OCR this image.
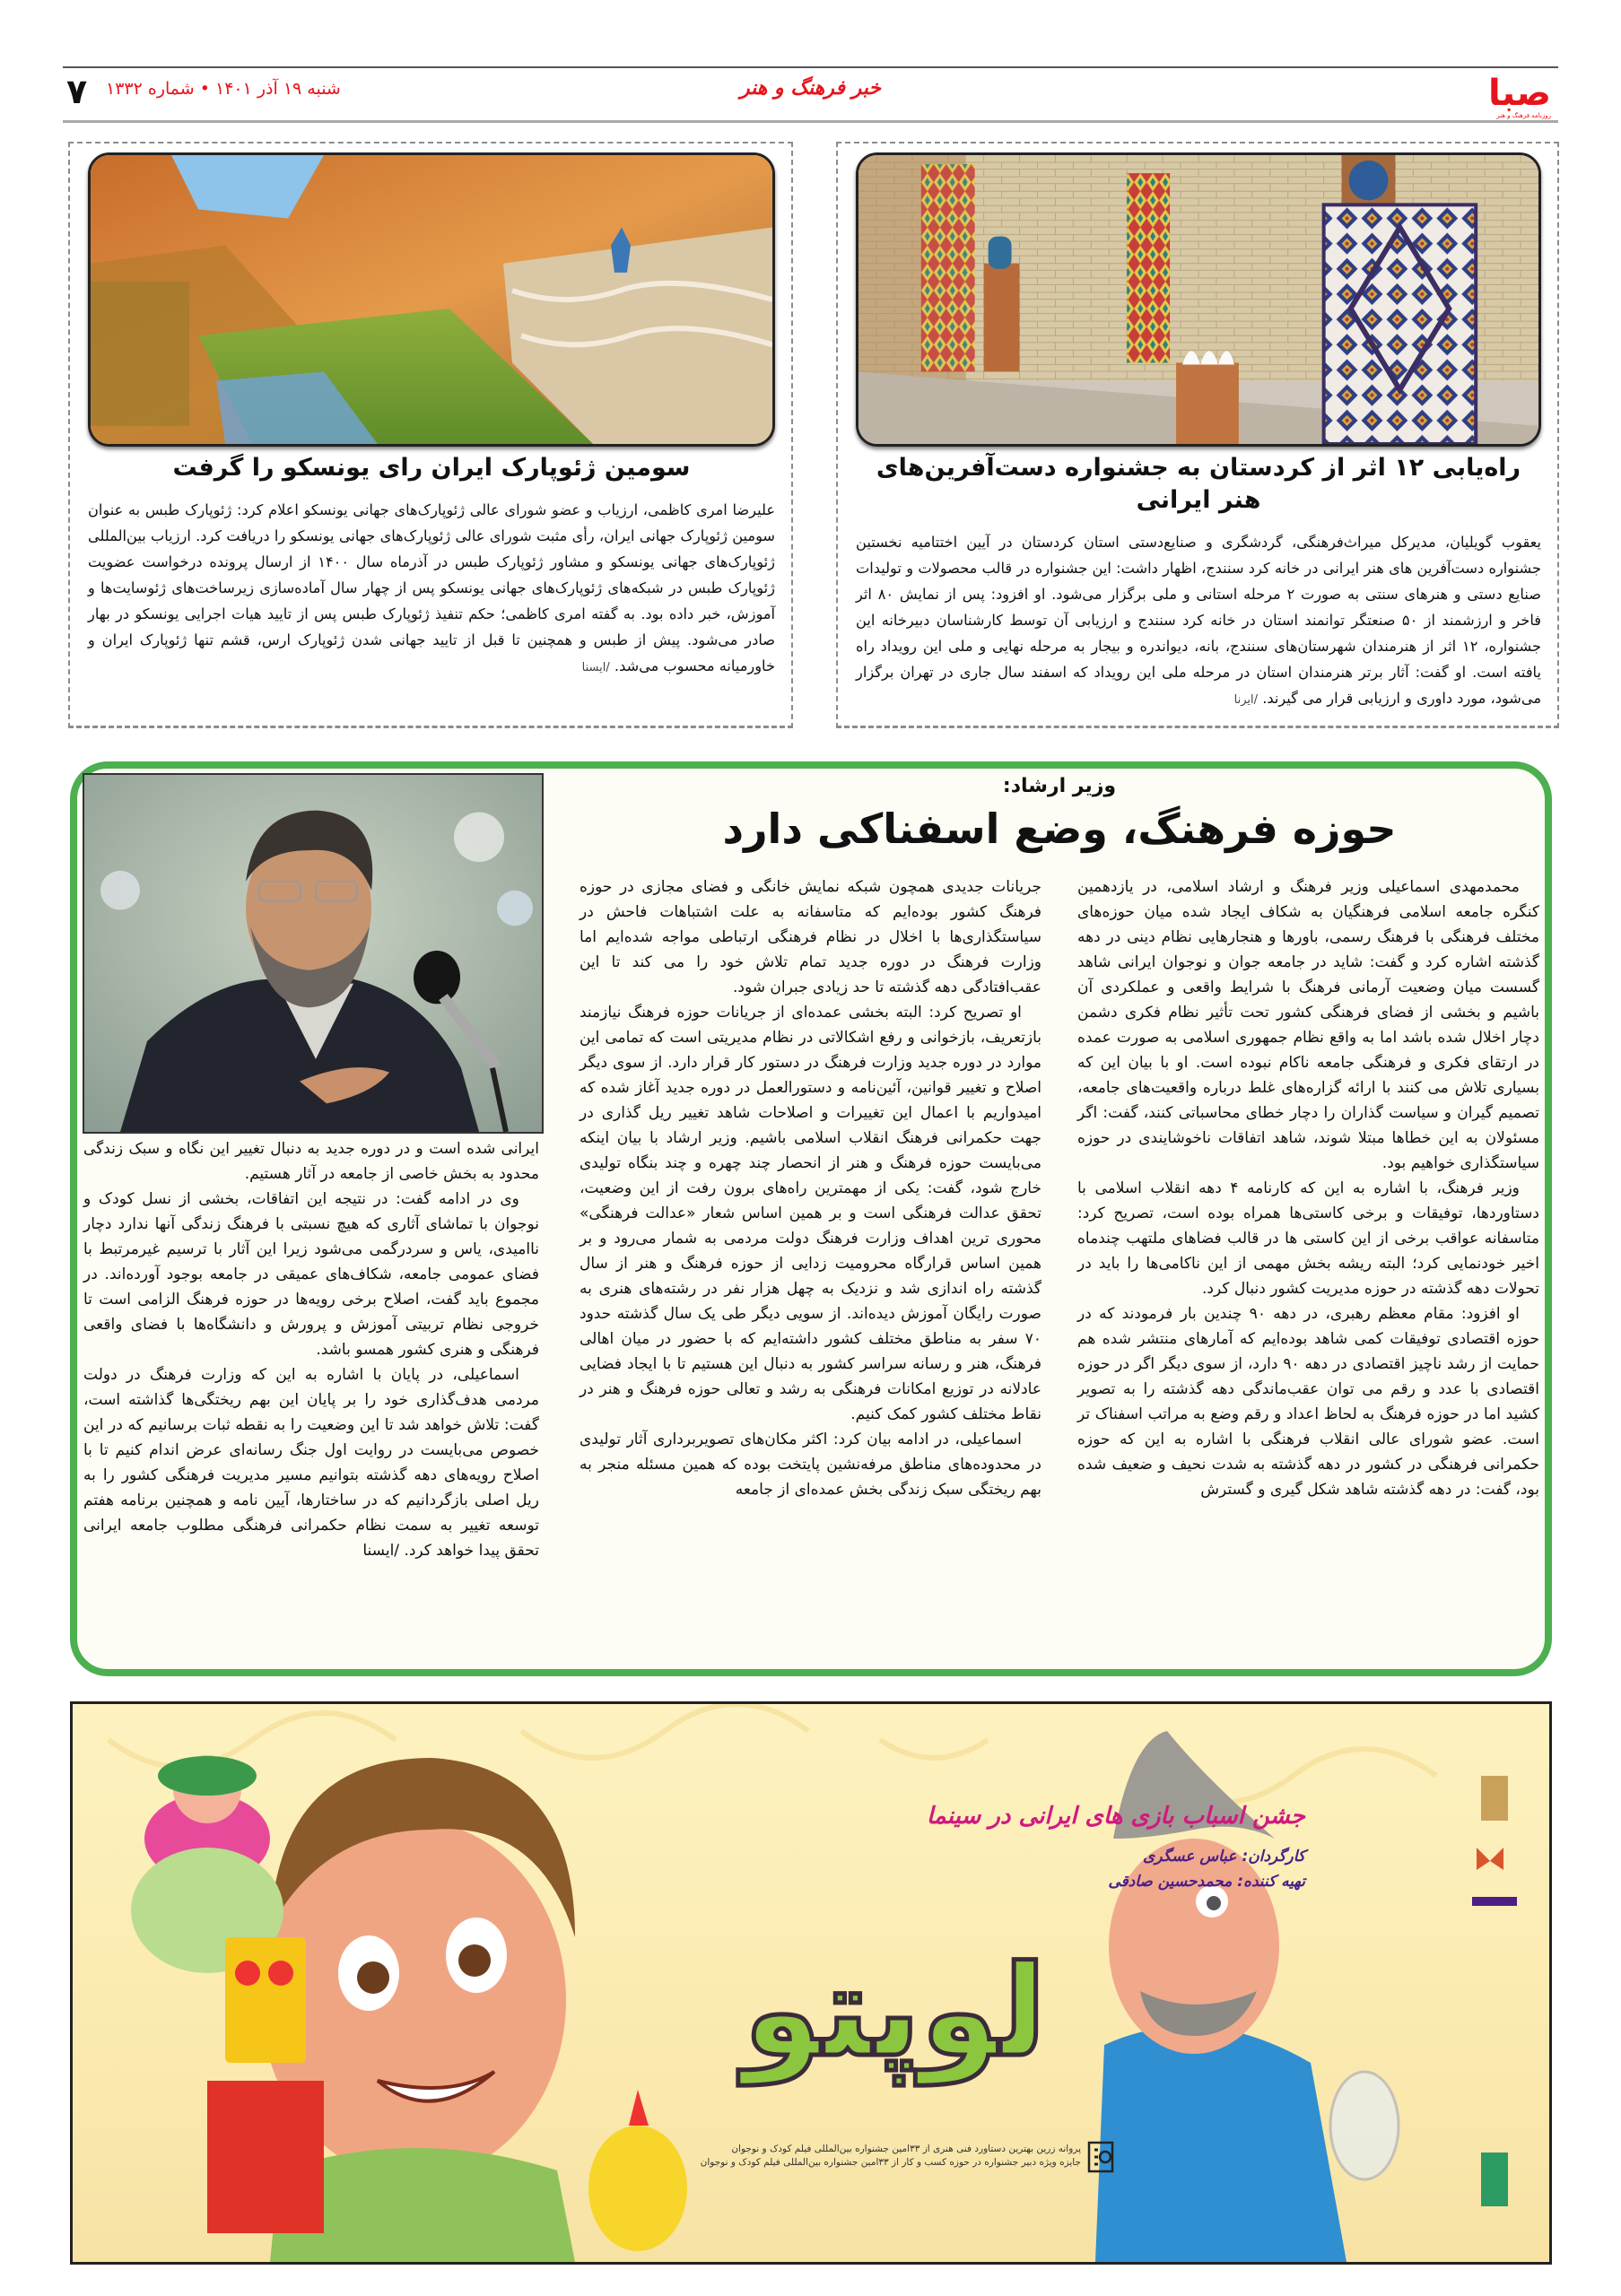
صبا
روزنامه فرهنگ و هنر
خبر فرهنگ و هنر
شنبه ۱۹ آذر ۱۴۰۱ • شماره ۱۳۳۲
۷
راه‌یابی ۱۲ اثر از کردستان به جشنواره دست‌آفرین‌های هنر ایرانی

یعقوب گویلیان، مدیرکل میراث‌فرهنگی، گردشگری و صنایع‌دستی استان کردستان در آیین اختتامیه نخستین جشنواره دست‌آفرین های هنر ایرانی در خانه کرد سنندج، اظهار داشت: این جشنواره در قالب محصولات و تولیدات صنایع دستی و هنرهای سنتی به صورت ۲ مرحله استانی و ملی برگزار می‌شود. او افزود: پس از نمایش ۸۰ اثر فاخر و ارزشمند از ۵۰ صنعتگر توانمند استان در خانه کرد سنندج و ارزیابی آن توسط کارشناسان دبیرخانه این جشنواره، ۱۲ اثر از هنرمندان شهرستان‌های سنندج، بانه، دیواندره و بیجار به مرحله نهایی و ملی این رویداد راه یافته است. او گفت: آثار برتر هنرمندان استان در مرحله ملی این رویداد که اسفند سال جاری در تهران برگزار می‌شود، مورد داوری و ارزیابی قرار می گیرند. /ایرنا

سومین ژئوپارک ایران رای یونسکو را گرفت

علیرضا امری کاظمی، ارزیاب و عضو شورای عالی ژئوپارک‌های جهانی یونسکو اعلام کرد: ژئوپارک طبس به عنوان سومین ژئوپارک جهانی ایران، رأی مثبت شورای عالی ژئوپارک‌های جهانی یونسکو را دریافت کرد. ارزیاب بین‌المللی ژئوپارک‌های جهانی یونسکو و مشاور ژئوپارک طبس در آذرماه سال ۱۴۰۰ از ارسال پرونده درخواست عضویت ژئوپارک طبس در شبکه‌های ژئوپارک‌های جهانی یونسکو پس از چهار سال آماده‌سازی زیرساخت‌های ژئوسایت‌ها و آموزش، خبر داده بود. به گفته امری کاظمی؛ حکم تنفیذ ژئوپارک طبس پس از تایید هیات اجرایی یونسکو در بهار صادر می‌شود. پیش از طبس و همچنین تا قبل از تایید جهانی شدن ژئوپارک ارس، قشم تنها ژئوپارک ایران و خاورمیانه محسوب می‌شد. /ایسنا

ایرانی شده است و در دوره جدید به دنبال تغییر این نگاه و سبک زندگی محدود به بخش خاصی از جامعه در آثار هستیم.

وی در ادامه گفت: در نتیجه این اتفاقات، بخشی از نسل کودک و نوجوان با تماشای آثاری که هیچ نسبتی با فرهنگ زندگی آنها ندارد دچار ناامیدی، یاس و سردرگمی می‌شود زیرا این آثار با ترسیم غیرمرتبط با فضای عمومی جامعه، شکاف‌های عمیقی در جامعه بوجود آورده‌اند. در مجموع باید گفت، اصلاح برخی رویه‌ها در حوزه فرهنگ الزامی است تا خروجی نظام تربیتی آموزش و پرورش و دانشگاه‌ها با فضای واقعی فرهنگی و هنری کشور همسو باشد.

اسماعیلی، در پایان با اشاره به این که وزارت فرهنگ در دولت مردمی هدف‌گذاری خود را بر پایان این بهم ریختگی‌ها گذاشته است، گفت: تلاش خواهد شد تا این وضعیت را به نقطه ثبات برسانیم که در این خصوص می‌بایست در روایت اول جنگ رسانه‌ای عرض اندام کنیم تا با اصلاح رویه‌های دهه گذشته بتوانیم مسیر مدیریت فرهنگی کشور را به ریل اصلی بازگردانیم که در ساختارها، آیین نامه و همچنین برنامه هفتم توسعه تغییر به سمت نظام حکمرانی فرهنگی مطلوب جامعه ایرانی تحقق پیدا خواهد کرد. /ایسنا

وزیر ارشاد:
حوزه فرهنگ، وضع اسفناکی دارد

جریانات جدیدی همچون شبکه نمایش خانگی و فضای مجازی در حوزه فرهنگ کشور بوده‌ایم که متاسفانه به علت اشتباهات فاحش در سیاستگذاری‌ها با اخلال در نظام فرهنگی ارتباطی مواجه شده‌ایم اما وزارت فرهنگ در دوره جدید تمام تلاش خود را می کند تا این عقب‌افتادگی دهه گذشته تا حد زیادی جبران شود.

او تصریح کرد: البته بخشی عمده‌ای از جریانات حوزه فرهنگ نیازمند بازتعریف، بازخوانی و رفع اشکالاتی در نظام مدیریتی است که تمامی این موارد در دوره جدید وزارت فرهنگ در دستور کار قرار دارد. از سوی دیگر اصلاح و تغییر قوانین، آئین‌نامه و دستورالعمل در دوره جدید آغاز شده که امیدواریم با اعمال این تغییرات و اصلاحات شاهد تغییر ریل گذاری در جهت حکمرانی فرهنگ انقلاب اسلامی باشیم. وزیر ارشاد با بیان اینکه می‌بایست حوزه فرهنگ و هنر از انحصار چند چهره و چند بنگاه تولیدی خارج شود، گفت: یکی از مهمترین راه‌های برون رفت از این وضعیت، تحقق عدالت فرهنگی است و بر همین اساس شعار «عدالت فرهنگی» محوری ترین اهداف وزارت فرهنگ دولت مردمی به شمار می‌رود و بر همین اساس قرارگاه محرومیت زدایی از حوزه فرهنگ و هنر از سال گذشته راه اندازی شد و نزدیک به چهل هزار نفر در رشته‌های هنری به صورت رایگان آموزش دیده‌اند. از سویی دیگر طی یک سال گذشته حدود ۷۰ سفر به مناطق مختلف کشور داشته‌ایم که با حضور در میان اهالی فرهنگ، هنر و رسانه سراسر کشور به دنبال این هستیم تا با ایجاد فضایی عادلانه در توزیع امکانات فرهنگی به رشد و تعالی حوزه فرهنگ و هنر در نقاط مختلف کشور کمک کنیم.

اسماعیلی، در ادامه بیان کرد: اکثر مکان‌های تصویربرداری آثار تولیدی در محدوده‌های مناطق مرفه‌نشین پایتخت بوده که همین مسئله منجر به بهم ریختگی سبک زندگی بخش عمده‌ای از جامعه

محمدمهدی اسماعیلی وزیر فرهنگ و ارشاد اسلامی، در یازدهمین کنگره جامعه اسلامی فرهنگیان به شکاف ایجاد شده میان حوزه‌های مختلف فرهنگی با فرهنگ رسمی، باورها و هنجارهایی نظام دینی در دهه گذشته اشاره کرد و گفت: شاید در جامعه جوان و نوجوان ایرانی شاهد گسست میان وضعیت آرمانی فرهنگ با شرایط واقعی و عملکردی آن باشیم و بخشی از فضای فرهنگی کشور تحت تأثیر نظام فکری دشمن دچار اخلال شده باشد اما به واقع نظام جمهوری اسلامی به صورت عمده در ارتقای فکری و فرهنگی جامعه ناکام نبوده است. او با بیان این که بسیاری تلاش می کنند با ارائه گزاره‌های غلط درباره واقعیت‌های جامعه، تصمیم گیران و سیاست گذاران را دچار خطای محاسباتی کنند، گفت: اگر مسئولان به این خطاها مبتلا شوند، شاهد اتفاقات ناخوشایندی در حوزه سیاستگذاری خواهیم بود.

وزیر فرهنگ، با اشاره به این که کارنامه ۴ دهه انقلاب اسلامی با دستاوردها، توفیقات و برخی کاستی‌ها همراه بوده است، تصریح کرد: متاسفانه عواقب برخی از این کاستی ها در قالب فضاهای ملتهب چندماه اخیر خودنمایی کرد؛ البته ریشه بخش مهمی از این ناکامی‌ها را باید در تحولات دهه گذشته در حوزه مدیریت کشور دنبال کرد.

او افزود: مقام معظم رهبری، در دهه ۹۰ چندین بار فرمودند که در حوزه اقتصادی توفیقات کمی شاهد بوده‌ایم که آمارهای منتشر شده هم حمایت از رشد ناچیز اقتصادی در دهه ۹۰ دارد، از سوی دیگر اگر در حوزه اقتصادی با عدد و رقم می توان عقب‌ماندگی دهه گذشته را به تصویر کشید اما در حوزه فرهنگ به لحاظ اعداد و رقم وضع به مراتب اسفناک تر است. عضو شورای عالی انقلاب فرهنگی با اشاره به این که حوزه حکمرانی فرهنگی در کشور در دهه گذشته به شدت نحیف و ضعیف شده بود، گفت: در دهه گذشته شاهد شکل گیری و گسترش

جشن اسباب بازی های ایرانی در سینما
کارگردان: عباس عسگری
تهیه کننده: محمدحسین صادقی
لوپتو
پروانه زرین بهترین دستاورد فنی هنری از ۳۳امین جشنواره بین‌المللی فیلم کودک و نوجوان
جایزه ویژه دبیر جشنواره در حوزه کسب و کار از ۳۳امین جشنواره بین‌المللی فیلم کودک و نوجوان
